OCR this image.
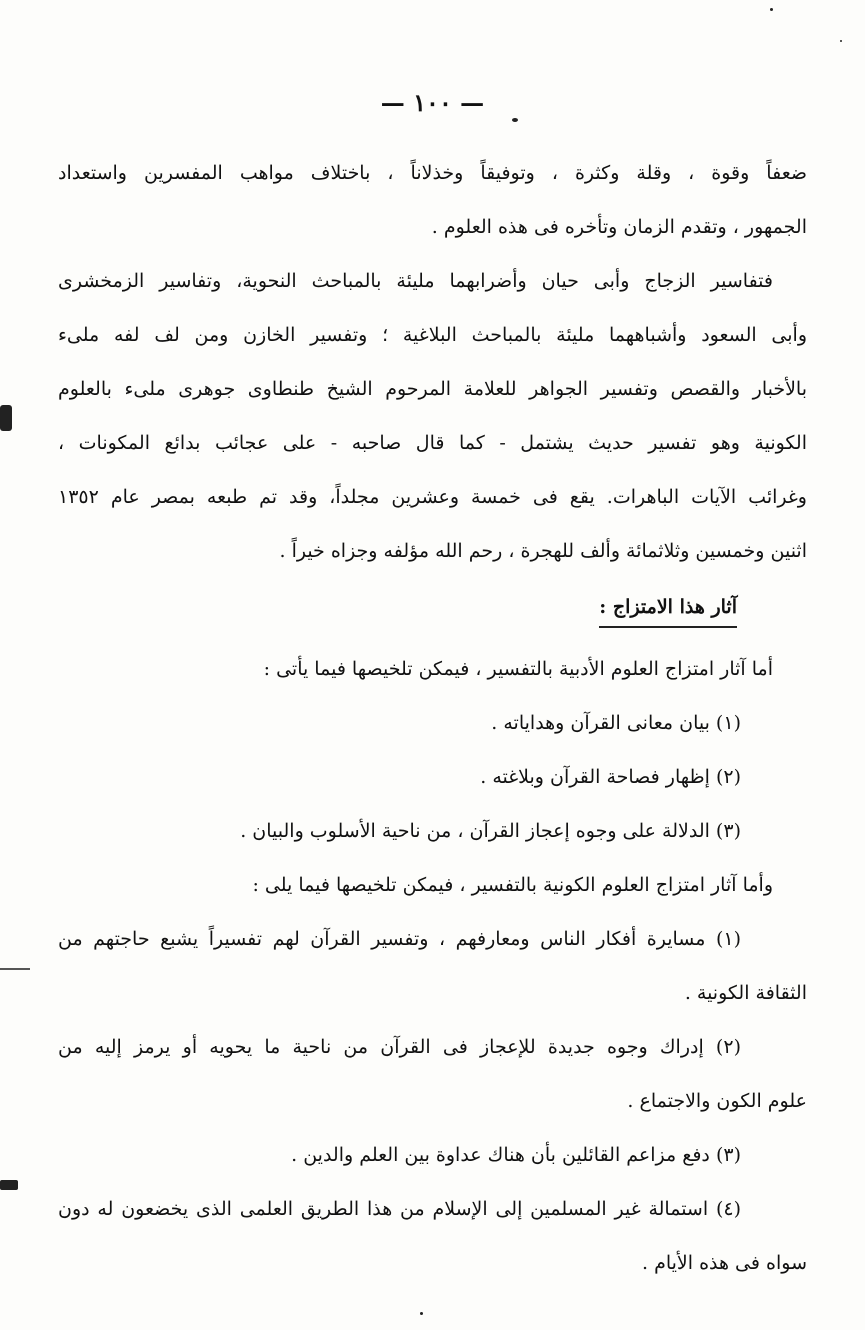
— ١٠٠ —
ضعفاً وقوة ، وقلة وكثرة ، وتوفيقاً وخذلاناً ، باختلاف مواهب المفسرين واستعداد
الجمهور ، وتقدم الزمان وتأخره فى هذه العلوم .
فتفاسير الزجاج وأبى حيان وأضرابهما مليئة بالمباحث النحوية، وتفاسير الزمخشرى
وأبى السعود وأشباههما مليئة بالمباحث البلاغية ؛ وتفسير الخازن ومن لف لفه ملىء
بالأخبار والقصص وتفسير الجواهر للعلامة المرحوم الشيخ طنطاوى جوهرى ملىء بالعلوم
الكونية وهو تفسير حديث يشتمل - كما قال صاحبه - على عجائب بدائع المكونات ،
وغرائب الآيات الباهرات. يقع فى خمسة وعشرين مجلداً، وقد تم طبعه بمصر عام ١٣٥٢
اثنين وخمسين وثلاثمائة وألف للهجرة ، رحم الله مؤلفه وجزاه خيراً .
آثار هذا الامتزاج :
أما آثار امتزاج العلوم الأدبية بالتفسير ، فيمكن تلخيصها فيما يأتى :
(١) بيان معانى القرآن وهداياته .
(٢) إظهار فصاحة القرآن وبلاغته .
(٣) الدلالة على وجوه إعجاز القرآن ، من ناحية الأسلوب والبيان .
وأما آثار امتزاج العلوم الكونية بالتفسير ، فيمكن تلخيصها فيما يلى :
(١) مسايرة أفكار الناس ومعارفهم ، وتفسير القرآن لهم تفسيراً يشبع حاجتهم من
الثقافة الكونية .
(٢) إدراك وجوه جديدة للإعجاز فى القرآن من ناحية ما يحويه أو يرمز إليه من
علوم الكون والاجتماع .
(٣) دفع مزاعم القائلين بأن هناك عداوة بين العلم والدين .
(٤) استمالة غير المسلمين إلى الإسلام من هذا الطريق العلمى الذى يخضعون له دون
سواه فى هذه الأيام .
